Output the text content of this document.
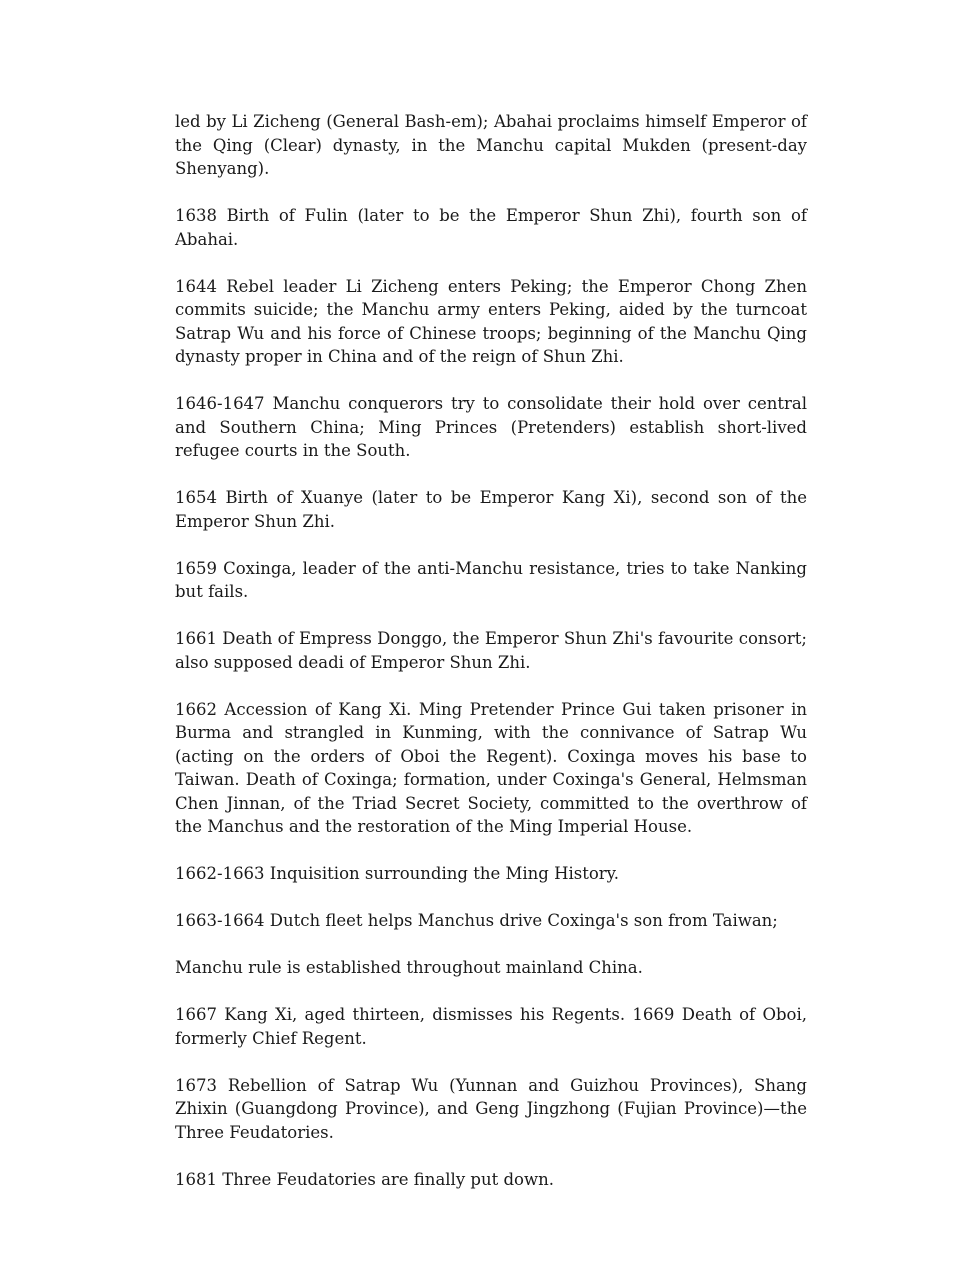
led by Li Zicheng (General Bash-em); Abahai proclaims himself Emperor of the Qing (Clear) dynasty, in the Manchu capital Mukden (present-day Shenyang).

1638 Birth of Fulin (later to be the Emperor Shun Zhi), fourth son of Abahai.

1644 Rebel leader Li Zicheng enters Peking; the Emperor Chong Zhen commits suicide; the Manchu army enters Peking, aided by the turncoat Satrap Wu and his force of Chinese troops; beginning of the Manchu Qing dynasty proper in China and of the reign of Shun Zhi.

1646-1647 Manchu conquerors try to consolidate their hold over central and Southern China; Ming Princes (Pretenders) establish short-lived refugee courts in the South.

1654 Birth of Xuanye (later to be Emperor Kang Xi), second son of the Emperor Shun Zhi.

1659 Coxinga, leader of the anti-Manchu resistance, tries to take Nanking but fails.

1661 Death of Empress Donggo, the Emperor Shun Zhi's favourite consort; also supposed deadi of Emperor Shun Zhi.

1662 Accession of Kang Xi. Ming Pretender Prince Gui taken prisoner in Burma and strangled in Kunming, with the connivance of Satrap Wu (acting on the orders of Oboi the Regent). Coxinga moves his base to Taiwan. Death of Coxinga; formation, under Coxinga's General, Helmsman Chen Jinnan, of the Triad Secret Society, committed to the overthrow of the Manchus and the restoration of the Ming Imperial House.

1662-1663 Inquisition surrounding the Ming History.

1663-1664 Dutch fleet helps Manchus drive Coxinga's son from Taiwan;

Manchu rule is established throughout mainland China.

1667 Kang Xi, aged thirteen, dismisses his Regents. 1669 Death of Oboi, formerly Chief Regent.

1673 Rebellion of Satrap Wu (Yunnan and Guizhou Provinces), Shang Zhixin (Guangdong Province), and Geng Jingzhong (Fujian Province)—the Three Feudatories.

1681 Three Feudatories are finally put down.
